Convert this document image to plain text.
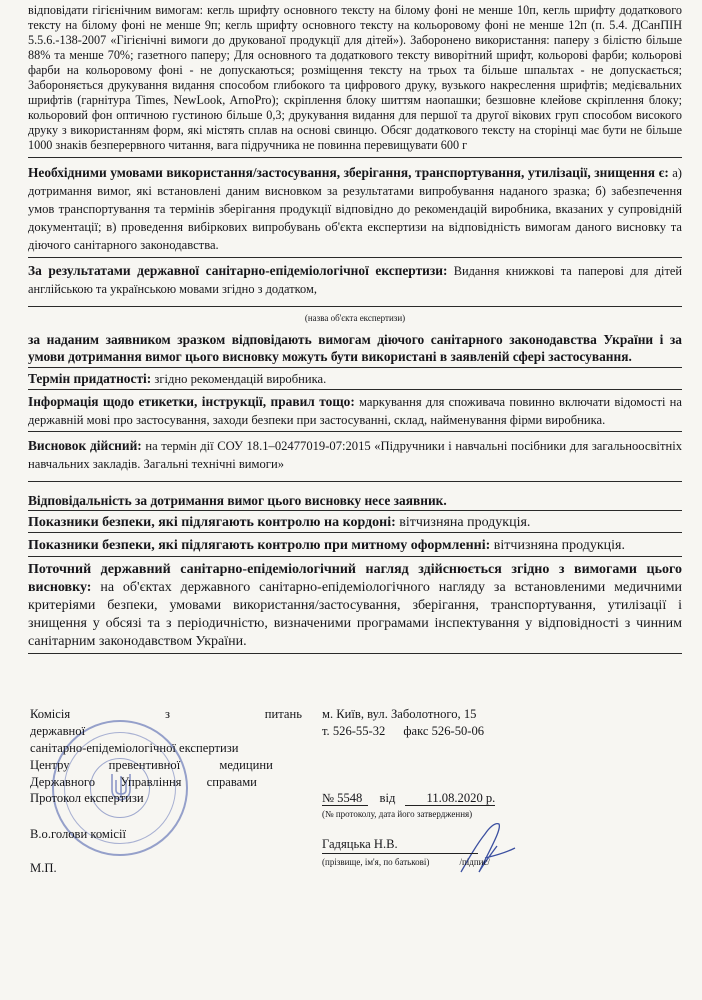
відповідати гігієнічним вимогам: кегль шрифту основного тексту на білому фоні не менше 10п, кегль шрифту додаткового тексту на білому фоні не менше 9п; кегль шрифту основного тексту на кольоровому фоні не менше 12п (п. 5.4. ДСанПІН 5.5.6.-138-2007 «Гігієнічні вимоги до друкованої продукції для дітей»). Заборонено використання: паперу з білістю більше 88% та менше 70%; газетного паперу; Для основного та додаткового тексту виворітний шрифт, кольорові фарби; кольорові фарби на кольоровому фоні - не допускаються; розміщення тексту на трьох та більше шпальтах - не допускається; Забороняється друкування видання способом глибокого та цифрового друку, вузького накреслення шрифтів; медієвальних шрифтів (гарнітура Times, NewLook, ArnoPro); скріплення блоку шиттям наопашки; безшовне клейове скріплення блоку; кольоровий фон оптичною густиною більше 0,3; друкування видання для першої та другої вікових груп способом високого друку з використанням форм, які містять сплав на основі свинцю. Обсяг додаткового тексту на сторінці має бути не більше 1000 знаків безперервного читання, вага підручника не повинна перевищувати 600 г

Необхідними умовами використання/застосування, зберігання, транспортування, утилізації, знищення є: а) дотримання вимог, які встановлені даним висновком за результатами випробування наданого зразка; б) забезпечення умов транспортування та термінів зберігання продукції відповідно до рекомендацій виробника, вказаних у супровідній документації; в) проведення вибіркових випробувань об'єкта експертизи на відповідність вимогам даного висновку та діючого санітарного законодавства.

За результатами державної санітарно-епідеміологічної експертизи: Видання книжкові та паперові для дітей англійською та українською мовами згідно з додатком,

(назва об'єкта експертизи)

за наданим заявником зразком відповідають вимогам діючого санітарного законодавства України і за умови дотримання вимог цього висновку можуть бути використані в заявленій сфері застосування.

Термін придатності: згідно рекомендацій виробника.

Інформація щодо етикетки, інструкції, правил тощо: маркування для споживача повинно включати відомості на державній мові про застосування, заходи безпеки при застосуванні, склад, найменування фірми виробника.

Висновок дійсний: на термін дії СОУ 18.1–02477019-07:2015 «Підручники і навчальні посібники для загальноосвітніх навчальних закладів. Загальні технічні вимоги»

Відповідальність за дотримання вимог цього висновку несе заявник.

Показники безпеки, які підлягають контролю на кордоні: вітчизняна продукція.

Показники безпеки, які підлягають контролю при митному оформленні: вітчизняна продукція.

Поточний державний санітарно-епідеміологічний нагляд здійснюється згідно з вимогами цього висновку: на об'єктах державного санітарно-епідеміологічного нагляду за встановленими медичними критеріями безпеки, умовами використання/застосування, зберігання, транспортування, утилізації і знищення у обсязі та з періодичністю, визначеними програмами інспектування у відповідності з чинним санітарним законодавством України.

Комісія з питань державної
санітарно-епідеміологічної експертизи
Центру превентивної медицини
Державного Управління справами
м. Київ, вул. Заболотного, 15
т. 526-55-32 факс 526-50-06
Протокол експертизи	№ 5548 від 11.08.2020 р.
(№ протоколу, дата його затвердження)
В.о.голови комісії
Гадяцька Н.В.
(прізвище, ім'я, по батькові)	/підпис/
М.П.
